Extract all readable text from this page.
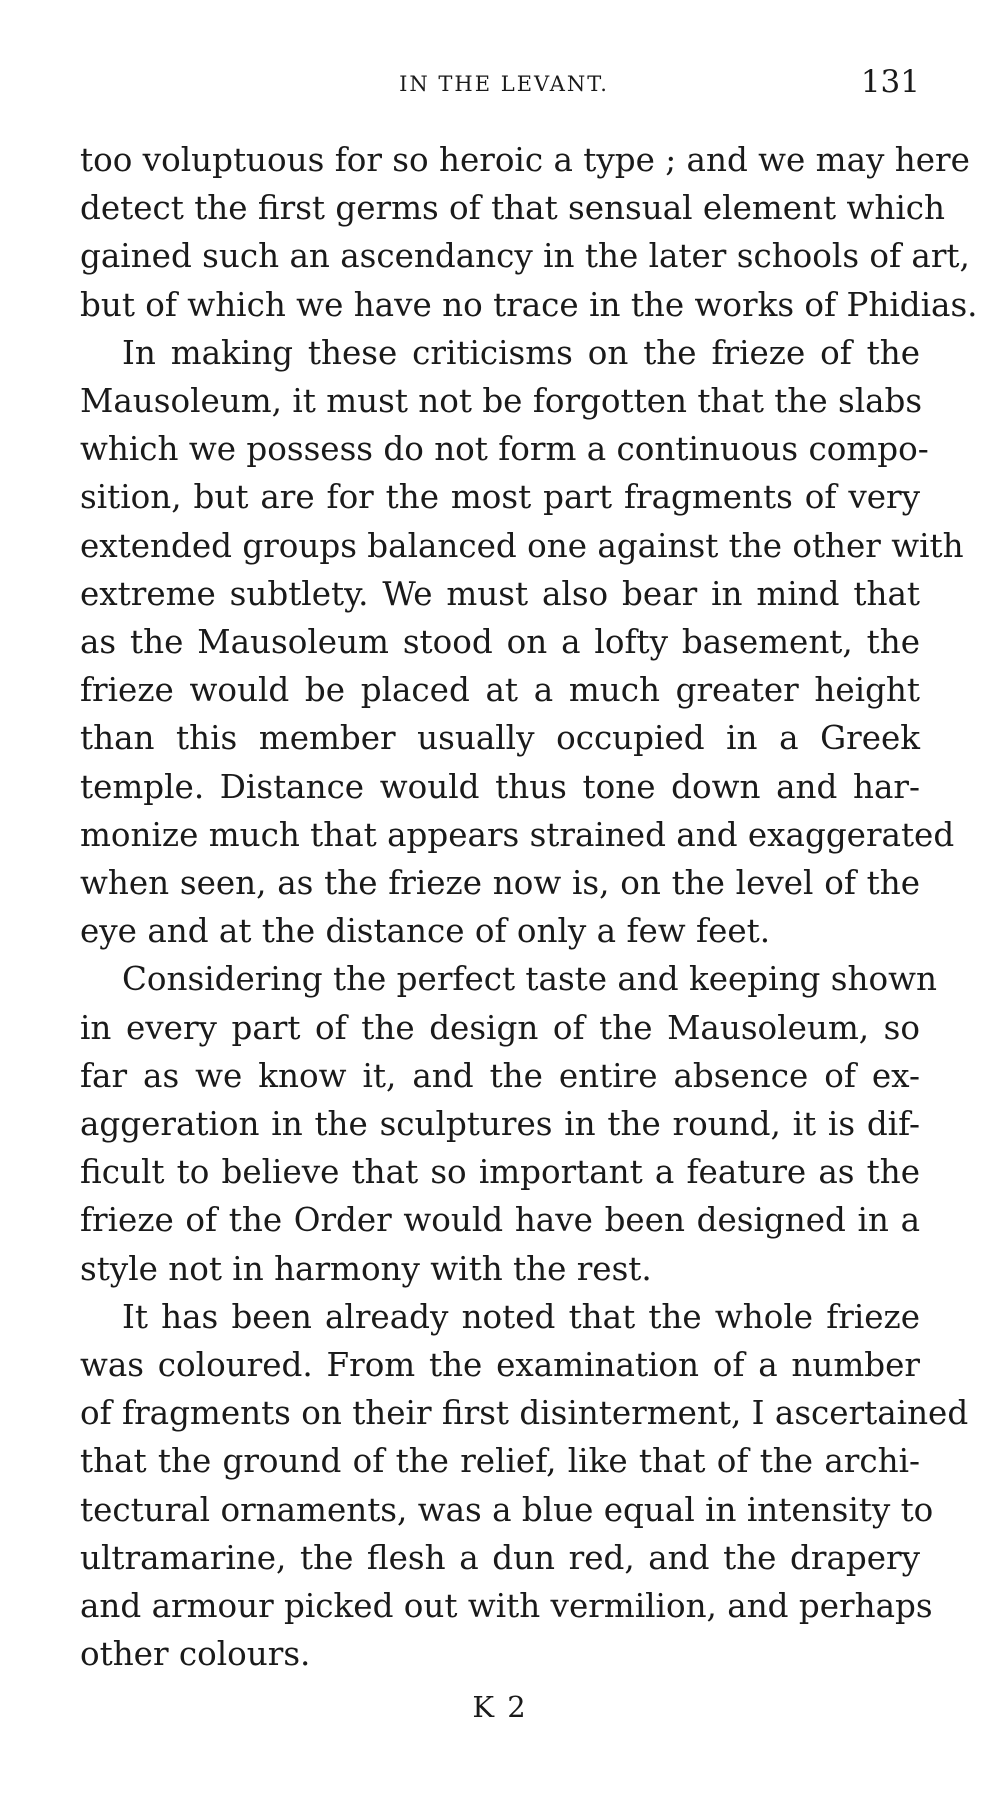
IN THE LEVANT.	131

too voluptuous for so heroic a type ; and we may here
detect the first germs of that sensual element which
gained such an ascendancy in the later schools of art,
but of which we have no trace in the works of Phidias.

In making these criticisms on the frieze of the
Mausoleum, it must not be forgotten that the slabs
which we possess do not form a continuous compo-
sition, but are for the most part fragments of very
extended groups balanced one against the other with
extreme subtlety. We must also bear in mind that
as the Mausoleum stood on a lofty basement, the
frieze would be placed at a much greater height
than this member usually occupied in a Greek
temple. Distance would thus tone down and har-
monize much that appears strained and exaggerated
when seen, as the frieze now is, on the level of the
eye and at the distance of only a few feet.

Considering the perfect taste and keeping shown
in every part of the design of the Mausoleum, so
far as we know it, and the entire absence of ex-
aggeration in the sculptures in the round, it is dif-
ficult to believe that so important a feature as the
frieze of the Order would have been designed in a
style not in harmony with the rest.

It has been already noted that the whole frieze
was coloured. From the examination of a number
of fragments on their first disinterment, I ascertained
that the ground of the relief, like that of the archi-
tectural ornaments, was a blue equal in intensity to
ultramarine, the flesh a dun red, and the drapery
and armour picked out with vermilion, and perhaps
other colours.

K 2
